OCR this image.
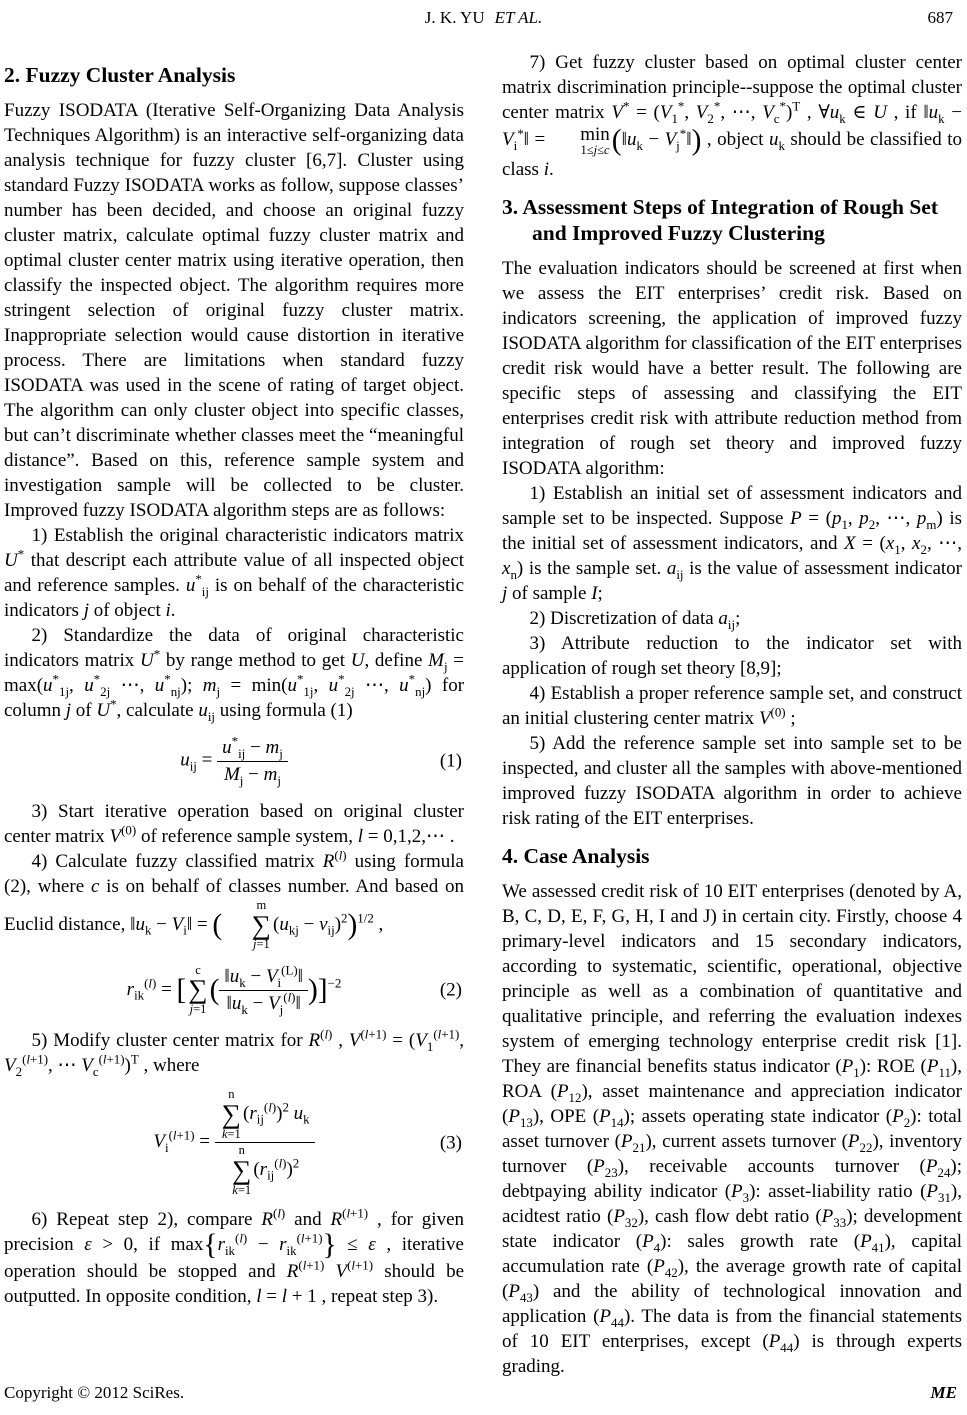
J. K. YU ET AL.	687
2. Fuzzy Cluster Analysis

Fuzzy ISODATA (Iterative Self-Organizing Data Analysis Techniques Algorithm) is an interactive self-organizing data analysis technique for fuzzy cluster [6,7]. Cluster using standard Fuzzy ISODATA works as follow, suppose classes’ number has been decided, and choose an original fuzzy cluster matrix, calculate optimal fuzzy cluster matrix and optimal cluster center matrix using iterative operation, then classify the inspected object. The algorithm requires more stringent selection of original fuzzy cluster matrix. Inappropriate selection would cause distortion in iterative process. There are limitations when standard fuzzy ISODATA was used in the scene of rating of target object. The algorithm can only cluster object into specific classes, but can’t discriminate whether classes meet the “meaningful distance”. Based on this, reference sample system and investigation sample will be collected to be cluster. Improved fuzzy ISODATA algorithm steps are as follows:

1) Establish the original characteristic indicators matrix U* that descript each attribute value of all inspected object and reference samples. $u^*_{ij}$ is on behalf of the characteristic indicators j of object i.

2) Standardize the data of original characteristic indicators matrix U* by range method to get U, define $M_j = \max(u^*_{1j}$, $u^*_{2j}$ ⋯, $u^*_{nj}$); $m_j = \min(u^*_{1j}$, $u^*_{2j}$ ⋯, $u^*_{nj}$) for column j of U*, calculate $u_{ij}$ using formula (1)

$u_{ij} = \frac{u^*_{ij} - m_j}{M_j - m_j}$	(1)

3) Start iterative operation based on original cluster center matrix $V^{(0)}$ of reference sample system, l = 0,1,2,⋯ .

4) Calculate fuzzy classified matrix $R^{(l)}$ using formula (2), where c is on behalf of classes number. And based on Euclid distance, $‖u_k$ − $V_i‖$ = (
m
∑
j=1
$(u_{kj} - v_{ij})^2)^{1/2}$ ,

$r_{ik}^{(l)}$ = [
c
∑
j=1
( $\frac{‖u_k - V_i^{(L)}‖}{‖u_k - V_j^{(l)}‖} )]^{-2}$	(2)

5) Modify cluster center matrix for $R^{(l)}$ , $V^{(l+1)} = (V_1^{(l+1)}$, $V_2^{(l+1)}$, ⋯ $V_c^{(l+1)})^T$ , where

$V_i^{(l+1)} = n$
∑
k=1
$(r_{ij}^{(l)})^2$ $u_k$
n
∑
k=1
$(r_{ij}^{(l)})^2$	(3)

6) Repeat step 2), compare $R^{(l)}$ and $R^{(l+1)}$ , for given precision ε > 0, if $\max\{r_{ik}^{(l)} - r_{ik}^{(l+1)}\} \le \varepsilon$ , iterative operation should be stopped and $R^{(l+1)}$ $V^{(l+1)}$ should be outputted. In opposite condition, l = l + 1 , repeat step 3).

7) Get fuzzy cluster based on optimal cluster center matrix discrimination principle--suppose the optimal cluster center matrix $V^* = (V_1^*$, $V_2^*$, ⋯, $V_c^*)^T$ , $\forall u_k$ ∈ U , if $‖u_k$ − $V_i^*‖$ =	min
1≤j≤c ($‖u_k$ − $V_j^*‖$) , object $u_k$ should be classified to class i.

3. Assessment Steps of Integration of Rough Set and Improved Fuzzy Clustering

The evaluation indicators should be screened at first when we assess the EIT enterprises’ credit risk. Based on indicators screening, the application of improved fuzzy ISODATA algorithm for classification of the EIT enterprises credit risk would have a better result. The following are specific steps of assessing and classifying the EIT enterprises credit risk with attribute reduction method from integration of rough set theory and improved fuzzy ISODATA algorithm:

1) Establish an initial set of assessment indicators and sample set to be inspected. Suppose $P = (p_1$, $p_2$, ⋯, $p_m$) is the initial set of assessment indicators, and $X = (x_1$, $x_2$, ⋯, $x_n$) is the sample set. $a_{ij}$ is the value of assessment indicator j of sample I;

2) Discretization of data $a_{ij}$;

3) Attribute reduction to the indicator set with application of rough set theory [8,9];

4) Establish a proper reference sample set, and construct an initial clustering center matrix $V^{(0)}$ ;

5) Add the reference sample set into sample set to be inspected, and cluster all the samples with above-mentioned improved fuzzy ISODATA algorithm in order to achieve risk rating of the EIT enterprises.

4. Case Analysis

We assessed credit risk of 10 EIT enterprises (denoted by A, B, C, D, E, F, G, H, I and J) in certain city. Firstly, choose 4 primary-level indicators and 15 secondary indicators, according to systematic, scientific, operational, objective principle as well as a combination of quantitative and qualitative principle, and referring the evaluation indexes system of emerging technology enterprise credit risk [1]. They are financial benefits status indicator $(P_1)$: ROE $(P_{11})$, ROA $(P_{12})$, asset maintenance and appreciation indicator $(P_{13})$, OPE $(P_{14})$; assets operating state indicator $(P_2)$: total asset turnover $(P_{21})$, current assets turnover $(P_{22})$, inventory turnover $(P_{23})$, receivable accounts turnover $(P_{24})$; debtpaying ability indicator $(P_3)$: asset-liability ratio $(P_{31})$, acidtest ratio $(P_{32})$, cash flow debt ratio $(P_{33})$; development state indicator $(P_4)$: sales growth rate $(P_{41})$, capital accumulation rate $(P_{42})$, the average growth rate of capital $(P_{43})$ and the ability of technological innovation and application $(P_{44})$. The data is from the financial statements of 10 EIT enterprises, except $(P_{44})$ is through experts grading.

Copyright © 2012 SciRes.	ME
